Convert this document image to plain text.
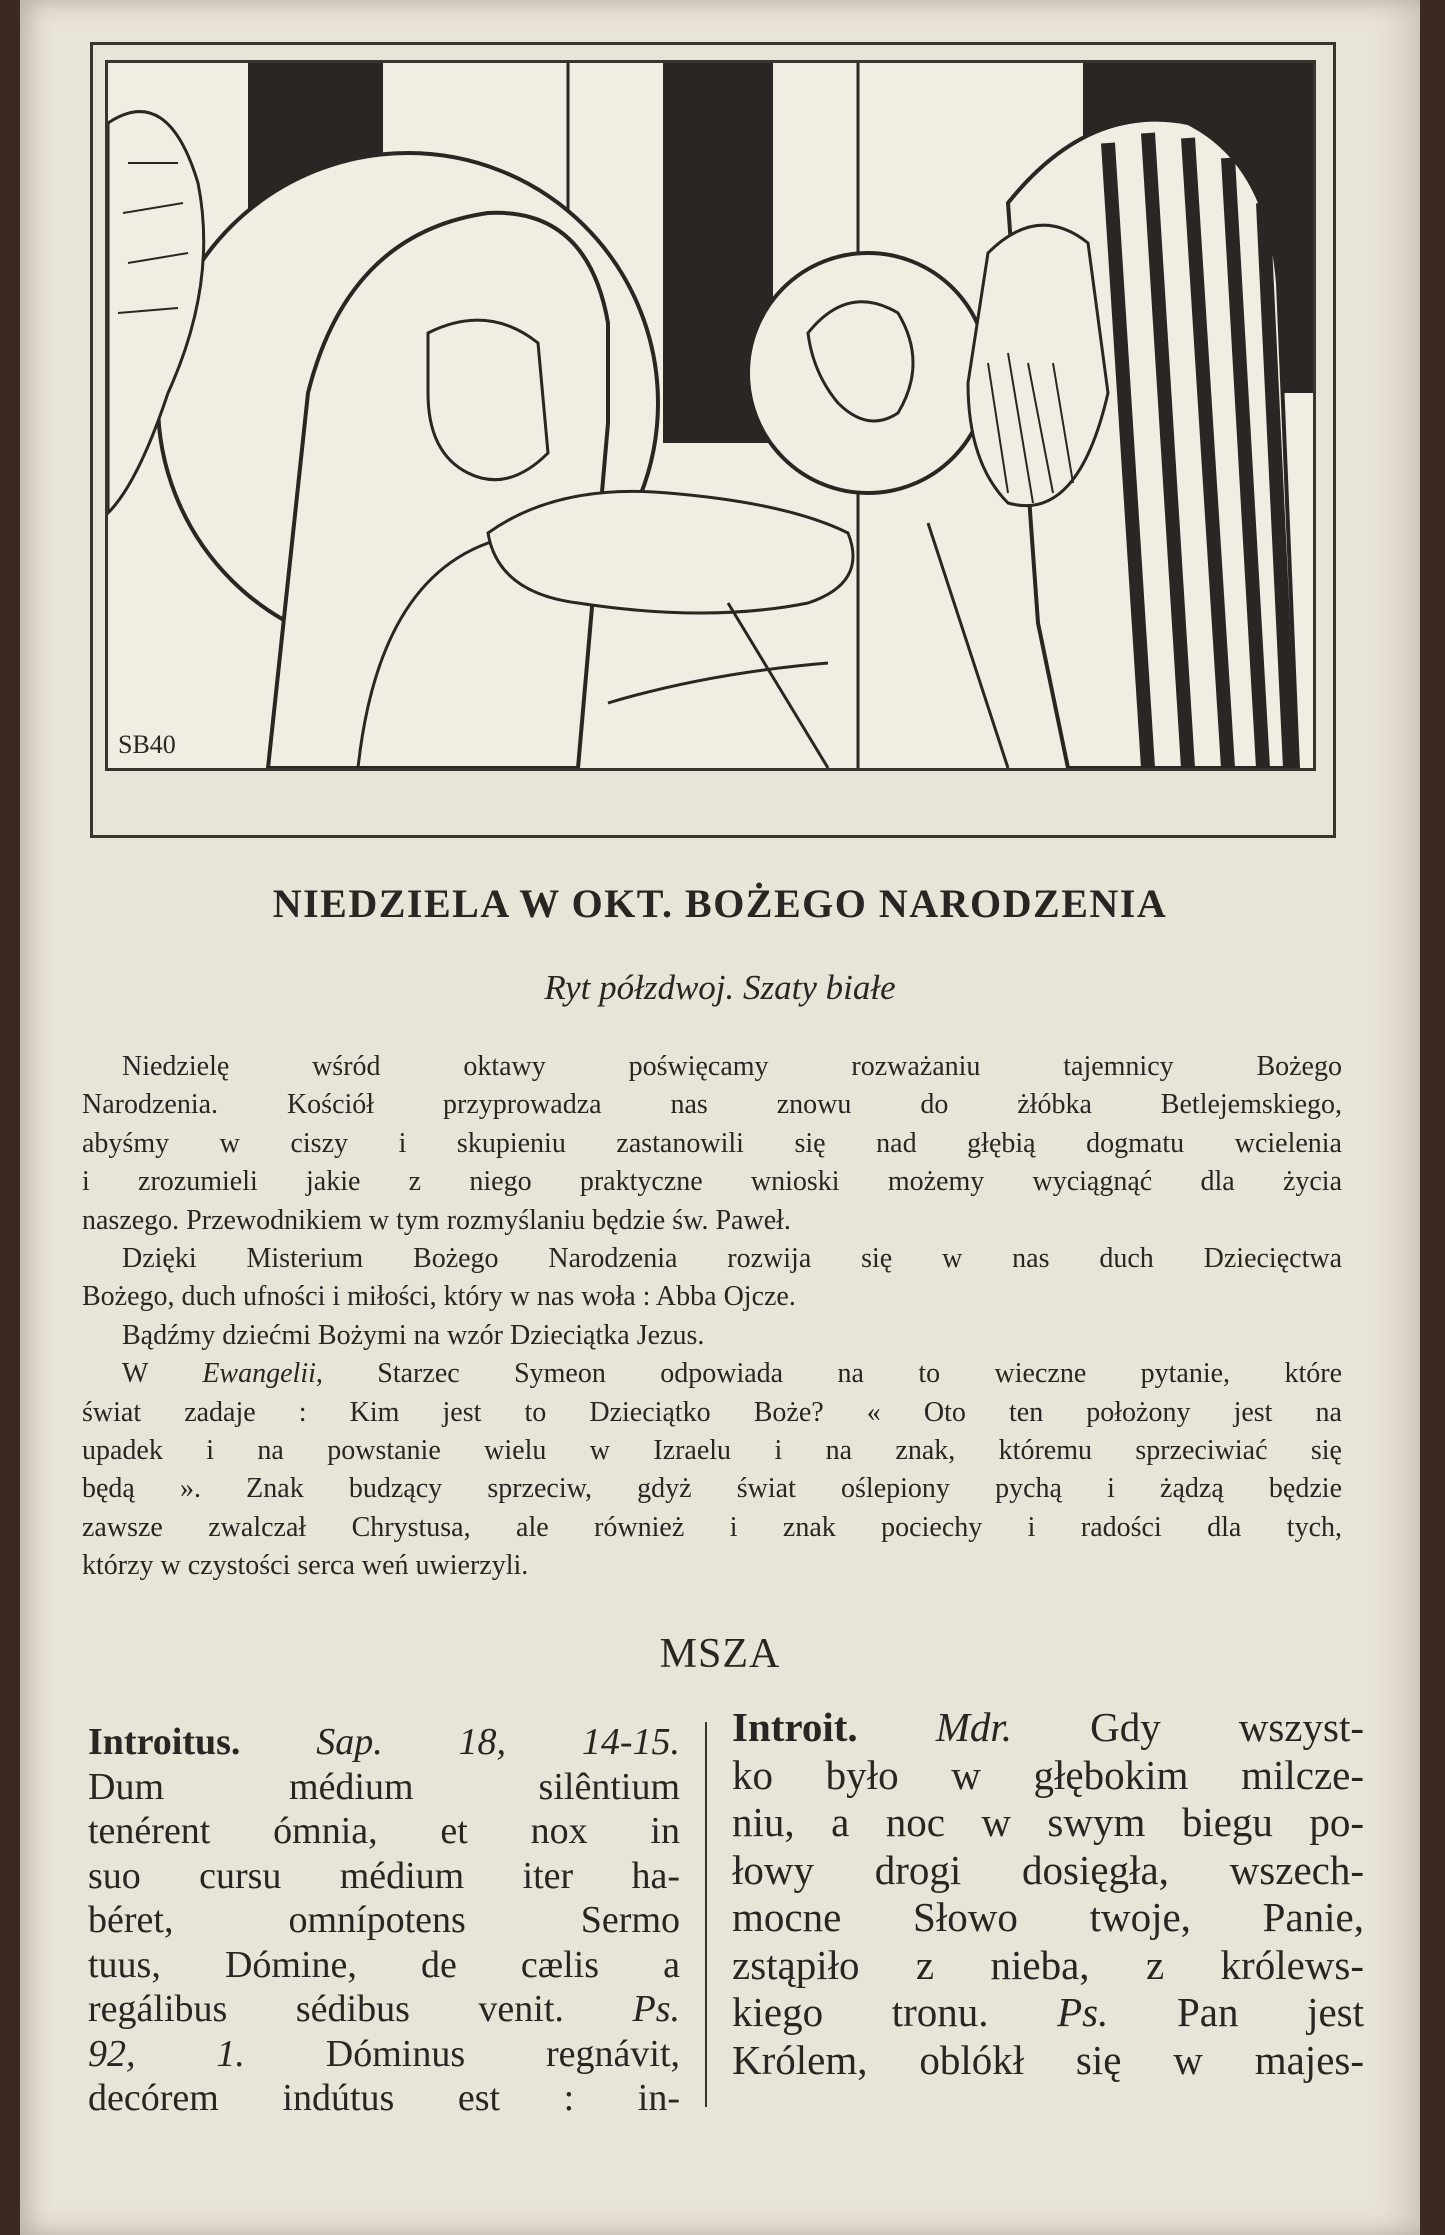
SB40
NIEDZIELA W OKT. BOŻEGO NARODZENIA
Ryt półzdwoj. Szaty białe
Niedzielę wśród oktawy poświęcamy rozważaniu tajemnicy Bożego
Narodzenia. Kościół przyprowadza nas znowu do żłóbka Betlejemskiego,
abyśmy w ciszy i skupieniu zastanowili się nad głębią dogmatu wcielenia
i zrozumieli jakie z niego praktyczne wnioski możemy wyciągnąć dla życia
naszego. Przewodnikiem w tym rozmyślaniu będzie św. Paweł.
Dzięki Misterium Bożego Narodzenia rozwija się w nas duch Dziecięctwa
Bożego, duch ufności i miłości, który w nas woła : Abba Ojcze.
Bądźmy dziećmi Bożymi na wzór Dzieciątka Jezus.
W Ewangelii, Starzec Symeon odpowiada na to wieczne pytanie, które
świat zadaje : Kim jest to Dzieciątko Boże? « Oto ten położony jest na
upadek i na powstanie wielu w Izraelu i na znak, któremu sprzeciwiać się
będą ». Znak budzący sprzeciw, gdyż świat oślepiony pychą i żądzą będzie
zawsze zwalczał Chrystusa, ale również i znak pociechy i radości dla tych,
którzy w czystości serca weń uwierzyli.
MSZA
Introitus. Sap. 18, 14-15.
Dum médium silêntium
tenérent ómnia, et nox in
suo cursu médium iter ha-
béret, omnípotens Sermo
tuus, Dómine, de cælis a
regálibus sédibus venit. Ps.
92, 1. Dóminus regnávit,
decórem indútus est : in-
Introit. Mdr. Gdy wszyst-
ko było w głębokim milcze-
niu, a noc w swym biegu po-
łowy drogi dosięgła, wszech-
mocne Słowo twoje, Panie,
zstąpiło z nieba, z królews-
kiego tronu. Ps. Pan jest
Królem, oblókł się w majes-
